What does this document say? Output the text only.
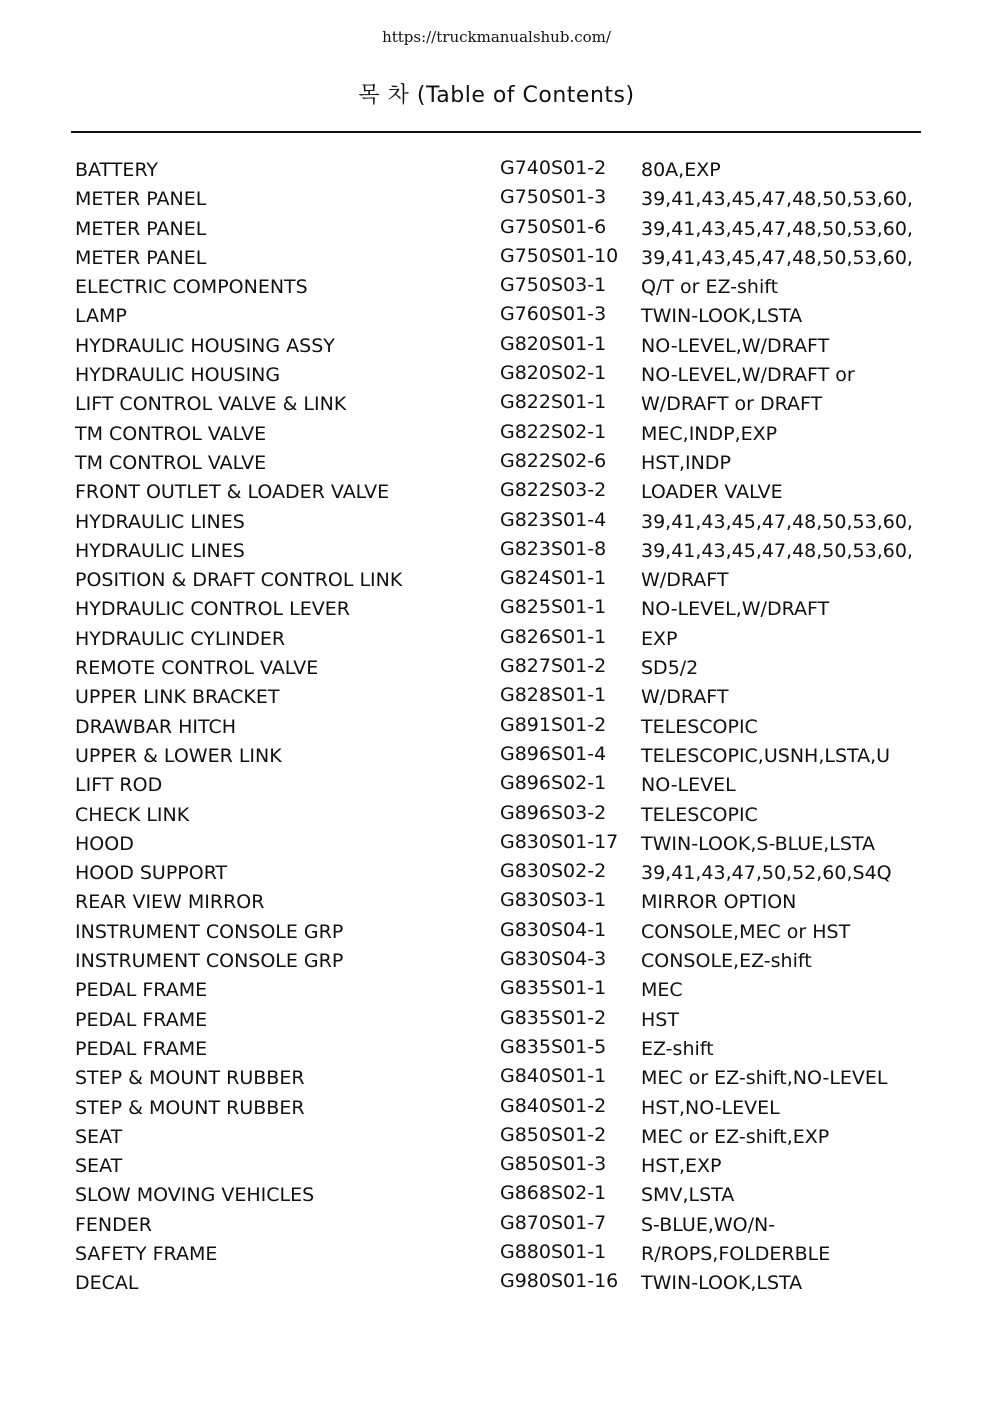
https://truckmanualshub.com/
목 차 (Table of Contents)
BATTERY	G740S01-2 80A,EXP
METER PANEL	G750S01-3 39,41,43,45,47,48,50,53,60,
METER PANEL	G750S01-6 39,41,43,45,47,48,50,53,60,
METER PANEL	G750S01-10 39,41,43,45,47,48,50,53,60,
ELECTRIC COMPONENTS	G750S03-1 Q/T or EZ-shift
LAMP	G760S01-3 TWIN-LOOK,LSTA
HYDRAULIC HOUSING ASSY	G820S01-1 NO-LEVEL,W/DRAFT
HYDRAULIC HOUSING	G820S02-1 NO-LEVEL,W/DRAFT or
LIFT CONTROL VALVE & LINK	G822S01-1 W/DRAFT or DRAFT
TM CONTROL VALVE	G822S02-1 MEC,INDP,EXP
TM CONTROL VALVE	G822S02-6 HST,INDP
FRONT OUTLET & LOADER VALVE	G822S03-2 LOADER VALVE
HYDRAULIC LINES	G823S01-4 39,41,43,45,47,48,50,53,60,
HYDRAULIC LINES	G823S01-8 39,41,43,45,47,48,50,53,60,
POSITION & DRAFT CONTROL LINK	G824S01-1 W/DRAFT
HYDRAULIC CONTROL LEVER	G825S01-1 NO-LEVEL,W/DRAFT
HYDRAULIC CYLINDER	G826S01-1 EXP
REMOTE CONTROL VALVE	G827S01-2 SD5/2
UPPER LINK BRACKET	G828S01-1 W/DRAFT
DRAWBAR HITCH	G891S01-2 TELESCOPIC
UPPER & LOWER LINK	G896S01-4 TELESCOPIC,USNH,LSTA,U
LIFT ROD	G896S02-1 NO-LEVEL
CHECK LINK	G896S03-2 TELESCOPIC
HOOD	G830S01-17 TWIN-LOOK,S-BLUE,LSTA
HOOD SUPPORT	G830S02-2 39,41,43,47,50,52,60,S4Q
REAR VIEW MIRROR	G830S03-1 MIRROR OPTION
INSTRUMENT CONSOLE GRP	G830S04-1 CONSOLE,MEC or HST
INSTRUMENT CONSOLE GRP	G830S04-3 CONSOLE,EZ-shift
PEDAL FRAME	G835S01-1 MEC
PEDAL FRAME	G835S01-2 HST
PEDAL FRAME	G835S01-5 EZ-shift
STEP & MOUNT RUBBER	G840S01-1 MEC or EZ-shift,NO-LEVEL
STEP & MOUNT RUBBER	G840S01-2 HST,NO-LEVEL
SEAT	G850S01-2 MEC or EZ-shift,EXP
SEAT	G850S01-3 HST,EXP
SLOW MOVING VEHICLES	G868S02-1 SMV,LSTA
FENDER	G870S01-7 S-BLUE,WO/N-
SAFETY FRAME	G880S01-1 R/ROPS,FOLDERBLE
DECAL	G980S01-16 TWIN-LOOK,LSTA
